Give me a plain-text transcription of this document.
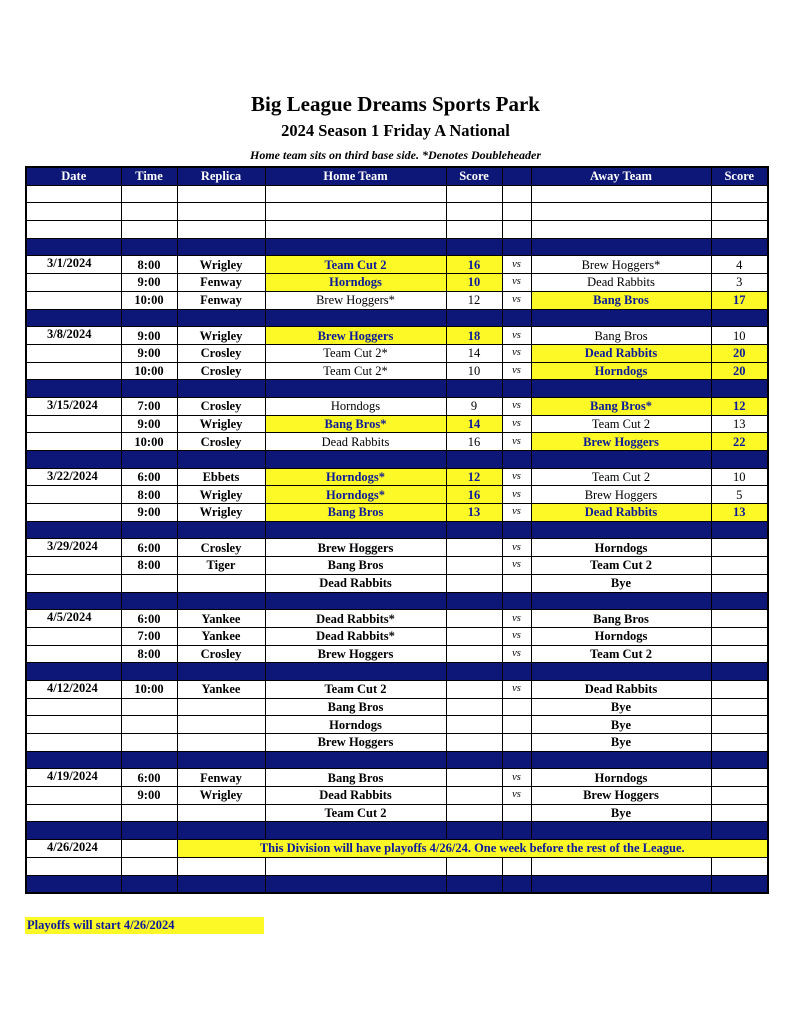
Big League Dreams Sports Park
2024 Season 1 Friday A National
Home team sits on third base side. *Denotes Doubleheader
Date	Time	Replica	Home Team	Score		Away Team	Score

3/1/2024	8:00	Wrigley	Team Cut 2	16	vs	Brew Hoggers*	4
	9:00	Fenway	Horndogs	10	vs	Dead Rabbits	3
	10:00	Fenway	Brew Hoggers*	12	vs	Bang Bros	17

3/8/2024	9:00	Wrigley	Brew Hoggers	18	vs	Bang Bros	10
	9:00	Crosley	Team Cut 2*	14	vs	Dead Rabbits	20
	10:00	Crosley	Team Cut 2*	10	vs	Horndogs	20

3/15/2024	7:00	Crosley	Horndogs	9	vs	Bang Bros*	12
	9:00	Wrigley	Bang Bros*	14	vs	Team Cut 2	13
	10:00	Crosley	Dead Rabbits	16	vs	Brew Hoggers	22

3/22/2024	6:00	Ebbets	Horndogs*	12	vs	Team Cut 2	10
	8:00	Wrigley	Horndogs*	16	vs	Brew Hoggers	5
	9:00	Wrigley	Bang Bros	13	vs	Dead Rabbits	13

3/29/2024	6:00	Crosley	Brew Hoggers		vs	Horndogs	
	8:00	Tiger	Bang Bros		vs	Team Cut 2	
			Dead Rabbits			Bye	

4/5/2024	6:00	Yankee	Dead Rabbits*		vs	Bang Bros	
	7:00	Yankee	Dead Rabbits*		vs	Horndogs	
	8:00	Crosley	Brew Hoggers		vs	Team Cut 2	

4/12/2024	10:00	Yankee	Team Cut 2		vs	Dead Rabbits	
			Bang Bros			Bye	
			Horndogs			Bye	
			Brew Hoggers			Bye	

4/19/2024	6:00	Fenway	Bang Bros		vs	Horndogs	
	9:00	Wrigley	Dead Rabbits		vs	Brew Hoggers	
			Team Cut 2			Bye	

4/26/2024		This Division will have playoffs 4/26/24. One week before the rest of the League.					

Playoffs will start 4/26/2024
